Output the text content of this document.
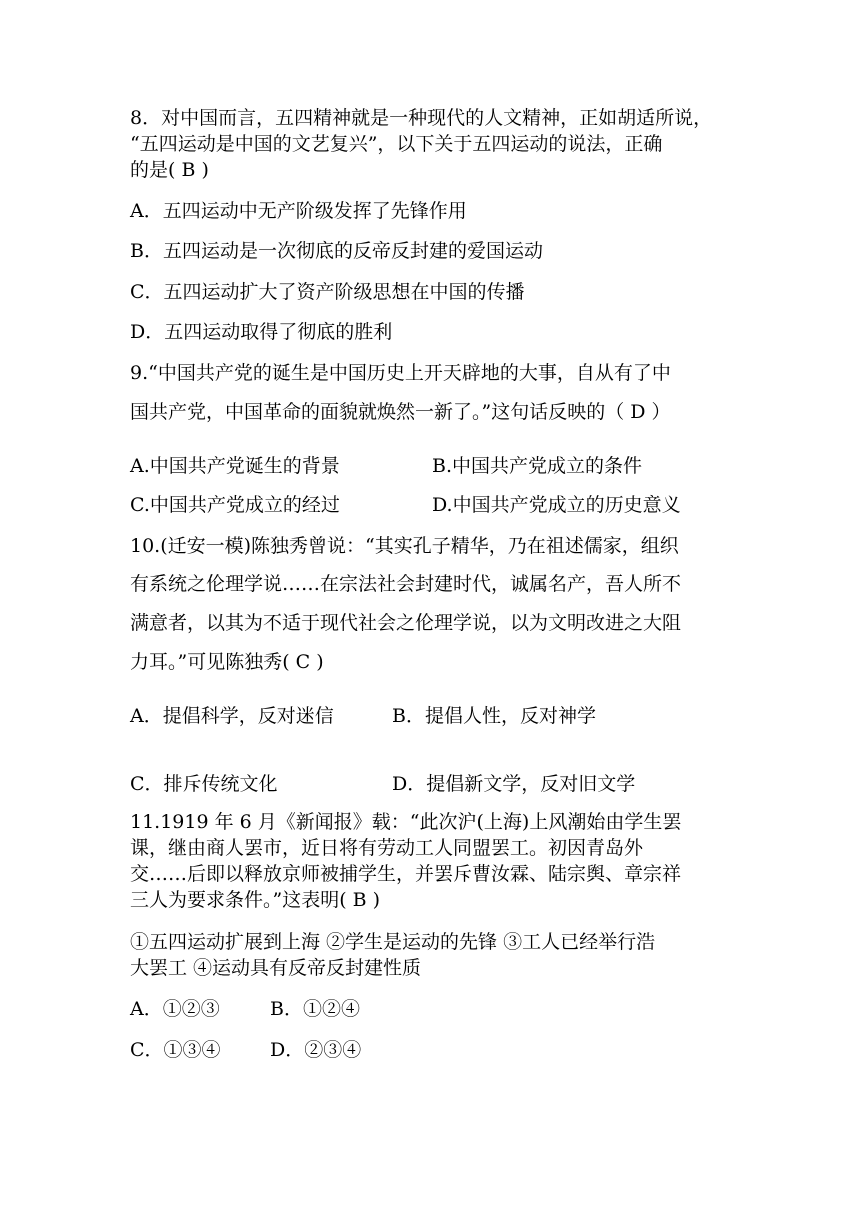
8．对中国而言，五四精神就是一种现代的人文精神，正如胡适所说，
“五四运动是中国的文艺复兴”，以下关于五四运动的说法，正确
的是( B )
A．五四运动中无产阶级发挥了先锋作用
B．五四运动是一次彻底的反帝反封建的爱国运动
C．五四运动扩大了资产阶级思想在中国的传播
D．五四运动取得了彻底的胜利
9.“中国共产党的诞生是中国历史上开天辟地的大事，自从有了中
国共产党，中国革命的面貌就焕然一新了。”这句话反映的（ D ）
A.中国共产党诞生的背景	B.中国共产党成立的条件
C.中国共产党成立的经过	D.中国共产党成立的历史意义
10.(迁安一模)陈独秀曾说：“其实孔子精华，乃在祖述儒家，组织
有系统之伦理学说……在宗法社会封建时代，诚属名产，吾人所不
满意者，以其为不适于现代社会之伦理学说，以为文明改进之大阻
力耳。”可见陈独秀( C )
A．提倡科学，反对迷信	B．提倡人性，反对神学
C．排斥传统文化	D．提倡新文学，反对旧文学
11.1919 年 6 月《新闻报》载：“此次沪(上海)上风潮始由学生罢
课，继由商人罢市，近日将有劳动工人同盟罢工。初因青岛外
交……后即以释放京师被捕学生，并罢斥曹汝霖、陆宗舆、章宗祥
三人为要求条件。”这表明( B )
①五四运动扩展到上海 ②学生是运动的先锋 ③工人已经举行浩
大罢工 ④运动具有反帝反封建性质
A．①②③	B．①②④
C．①③④	D．②③④
